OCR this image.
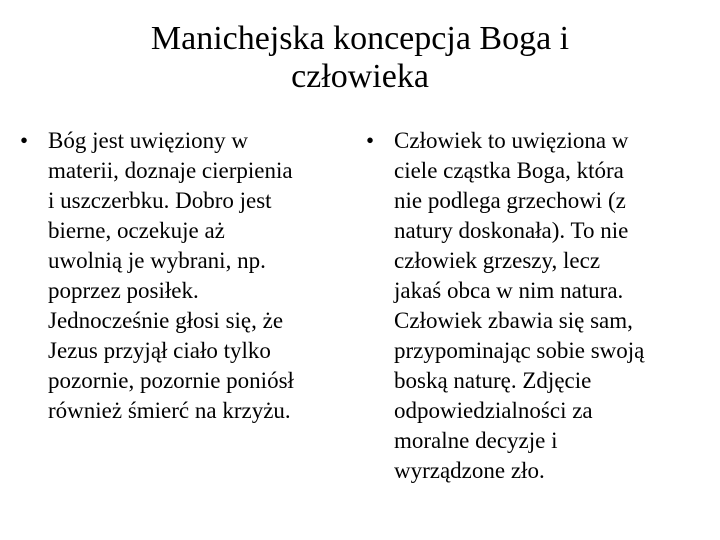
Manichejska koncepcja Boga i
człowieka
• Bóg jest uwięziony w
materii, doznaje cierpienia
i uszczerbku. Dobro jest
bierne, oczekuje aż
uwolnią je wybrani, np.
poprzez posiłek.
Jednocześnie głosi się, że
Jezus przyjął ciało tylko
pozornie, pozornie poniósł
również śmierć na krzyżu.
• Człowiek to uwięziona w
ciele cząstka Boga, która
nie podlega grzechowi (z
natury doskonała). To nie
człowiek grzeszy, lecz
jakaś obca w nim natura.
Człowiek zbawia się sam,
przypominając sobie swoją
boską naturę. Zdjęcie
odpowiedzialności za
moralne decyzje i
wyrządzone zło.
